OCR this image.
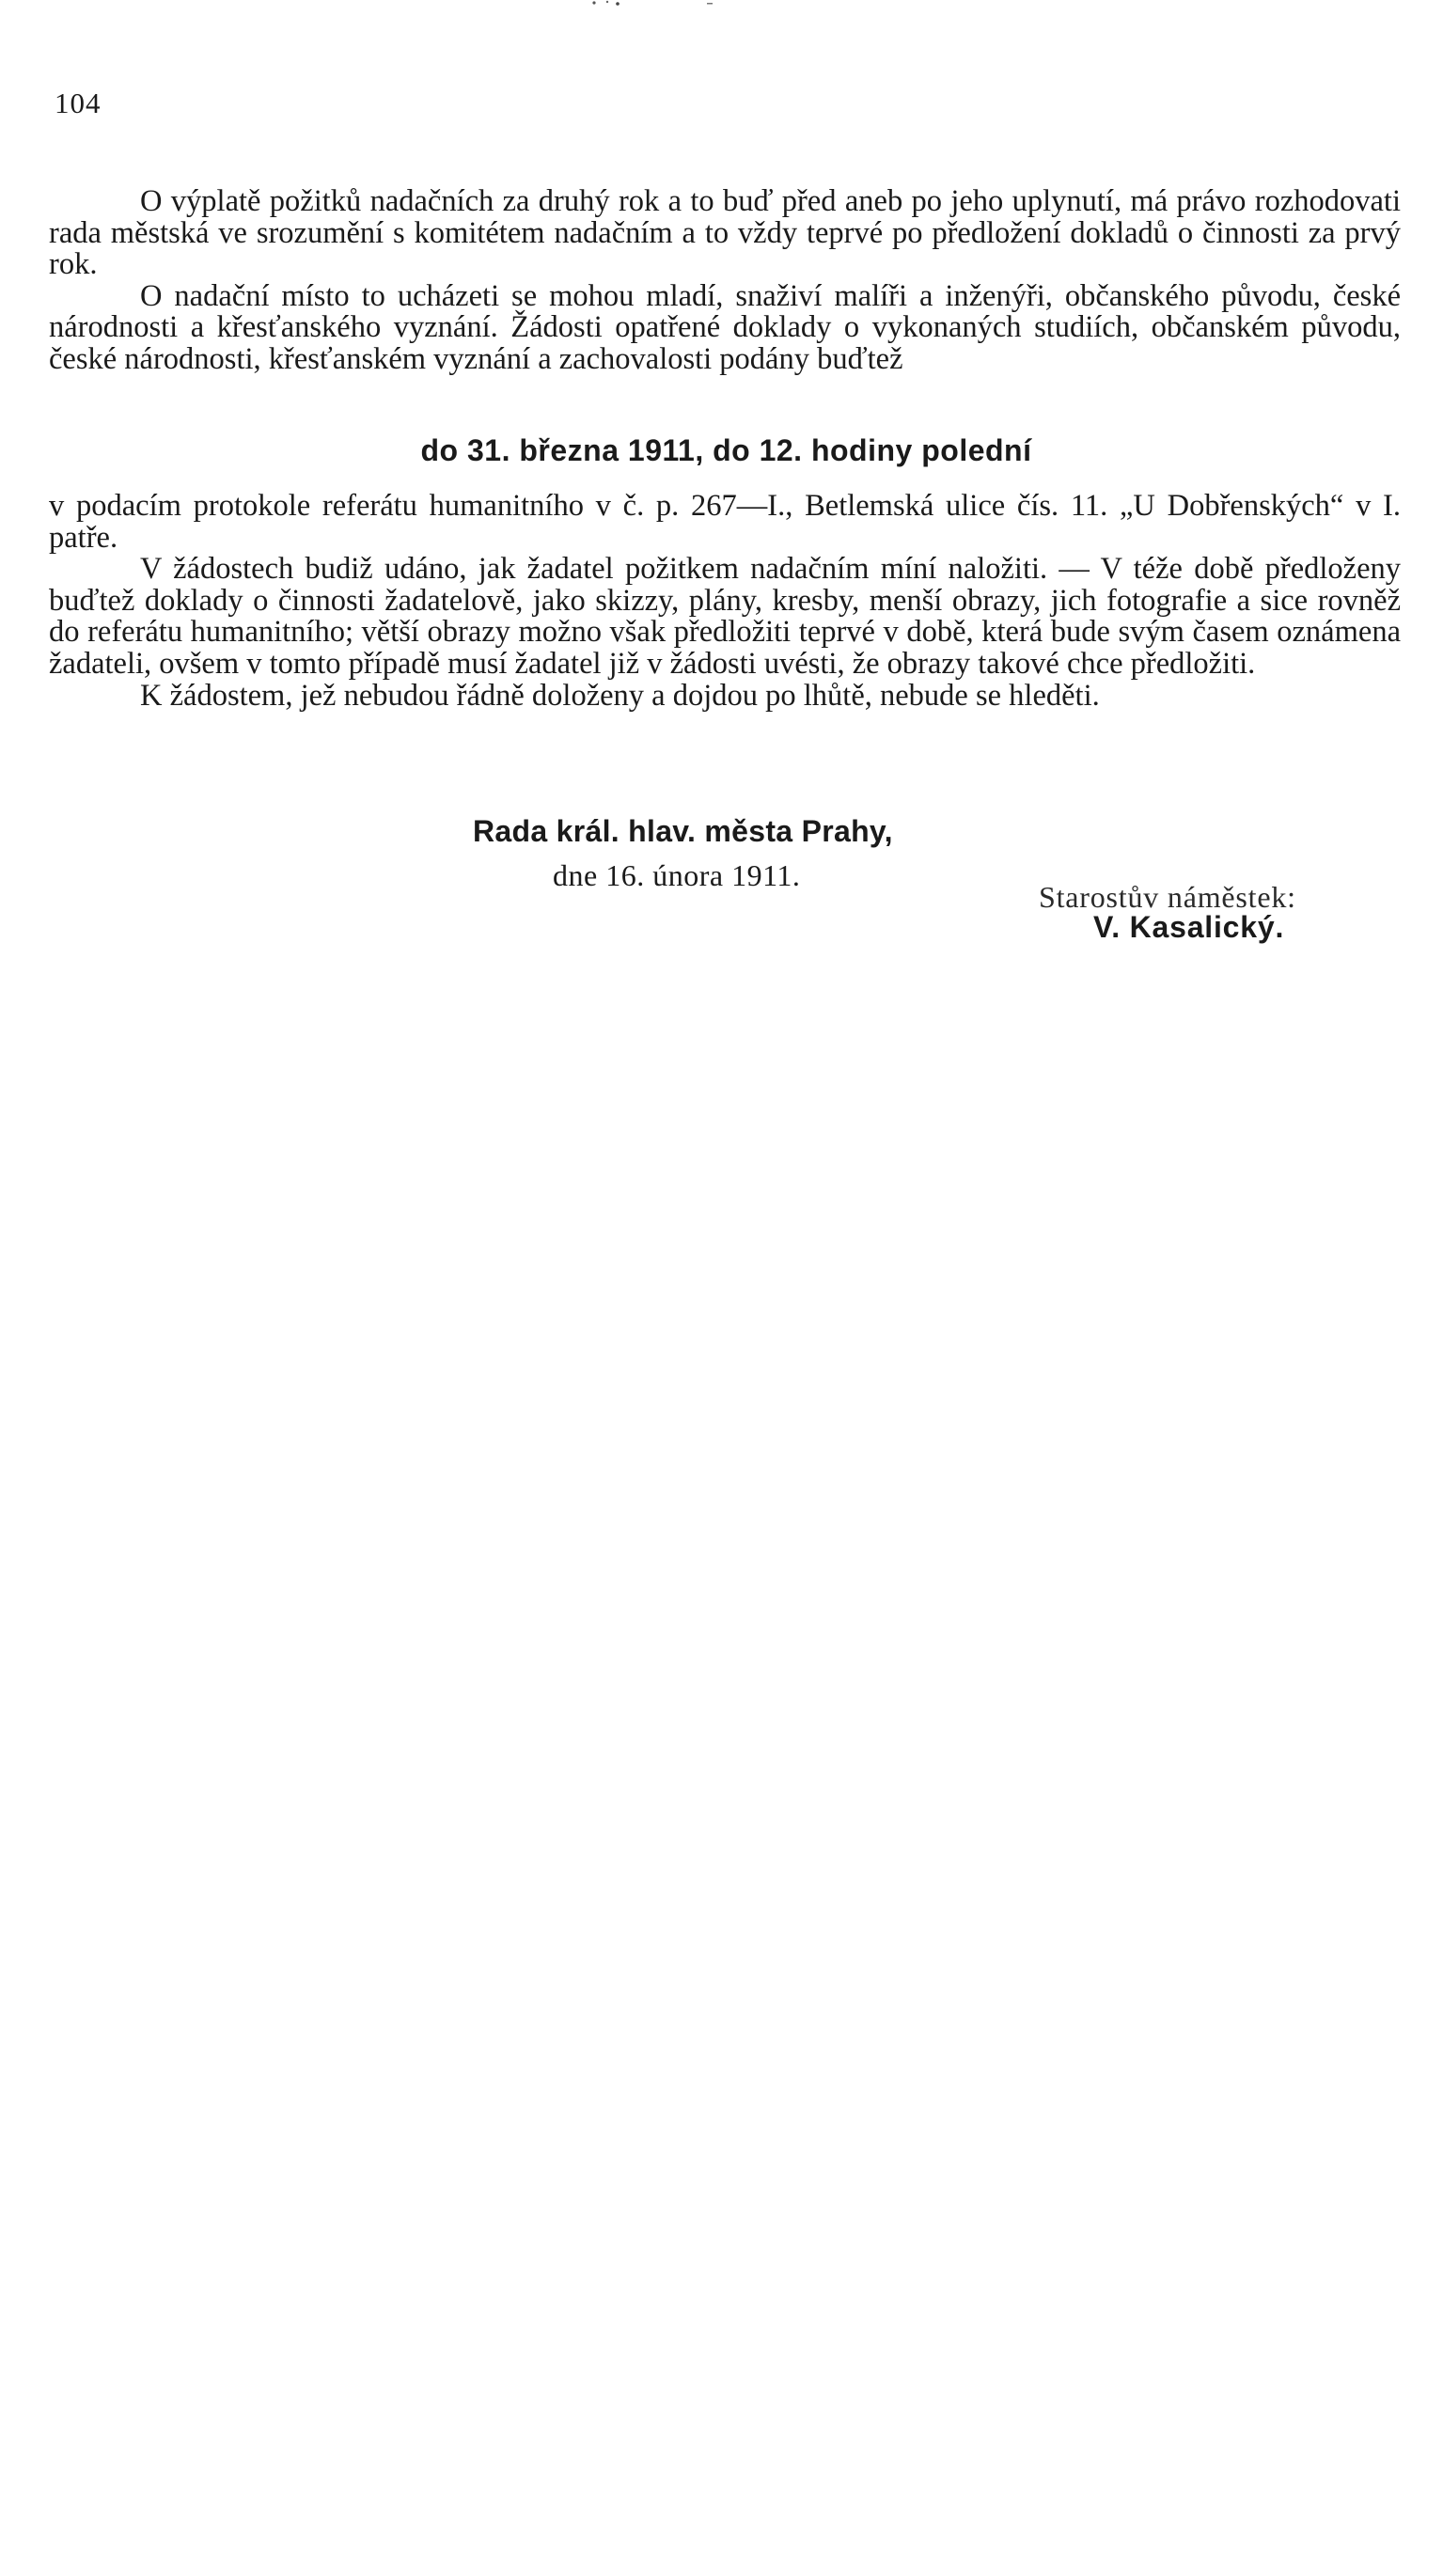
104

O výplatě požitků nadačních za druhý rok a to buď před aneb po jeho uplynutí, má právo rozhodovati rada městská ve srozumění s komitétem nadačním a to vždy teprvé po předložení dokladů o činnosti za prvý rok.

O nadační místo to ucházeti se mohou mladí, snaživí malíři a inženýři, občanského původu, české národnosti a křesťanského vyznání. Žádosti opatřené doklady o vykonaných studiích, občanském původu, české národnosti, křesťanském vyznání a zachovalosti podány buďtež

do 31. března 1911, do 12. hodiny polední

v podacím protokole referátu humanitního v č. p. 267—I., Betlemská ulice čís. 11. „U Dobřenských“ v I. patře.

V žádostech budiž udáno, jak žadatel požitkem nadačním míní naložiti. — V téže době předloženy buďtež doklady o činnosti žadatelově, jako skizzy, plány, kresby, menší obrazy, jich fotografie a sice rovněž do referátu humanitního; větší obrazy možno však předložiti teprvé v době, která bude svým časem oznámena žadateli, ovšem v tomto případě musí žadatel již v žádosti uvésti, že obrazy takové chce předložiti.

K žádostem, jež nebudou řádně doloženy a dojdou po lhůtě, nebude se hleděti.

Rada král. hlav. města Prahy,
dne 16. února 1911.
Starostův náměstek:
V. Kasalický.
